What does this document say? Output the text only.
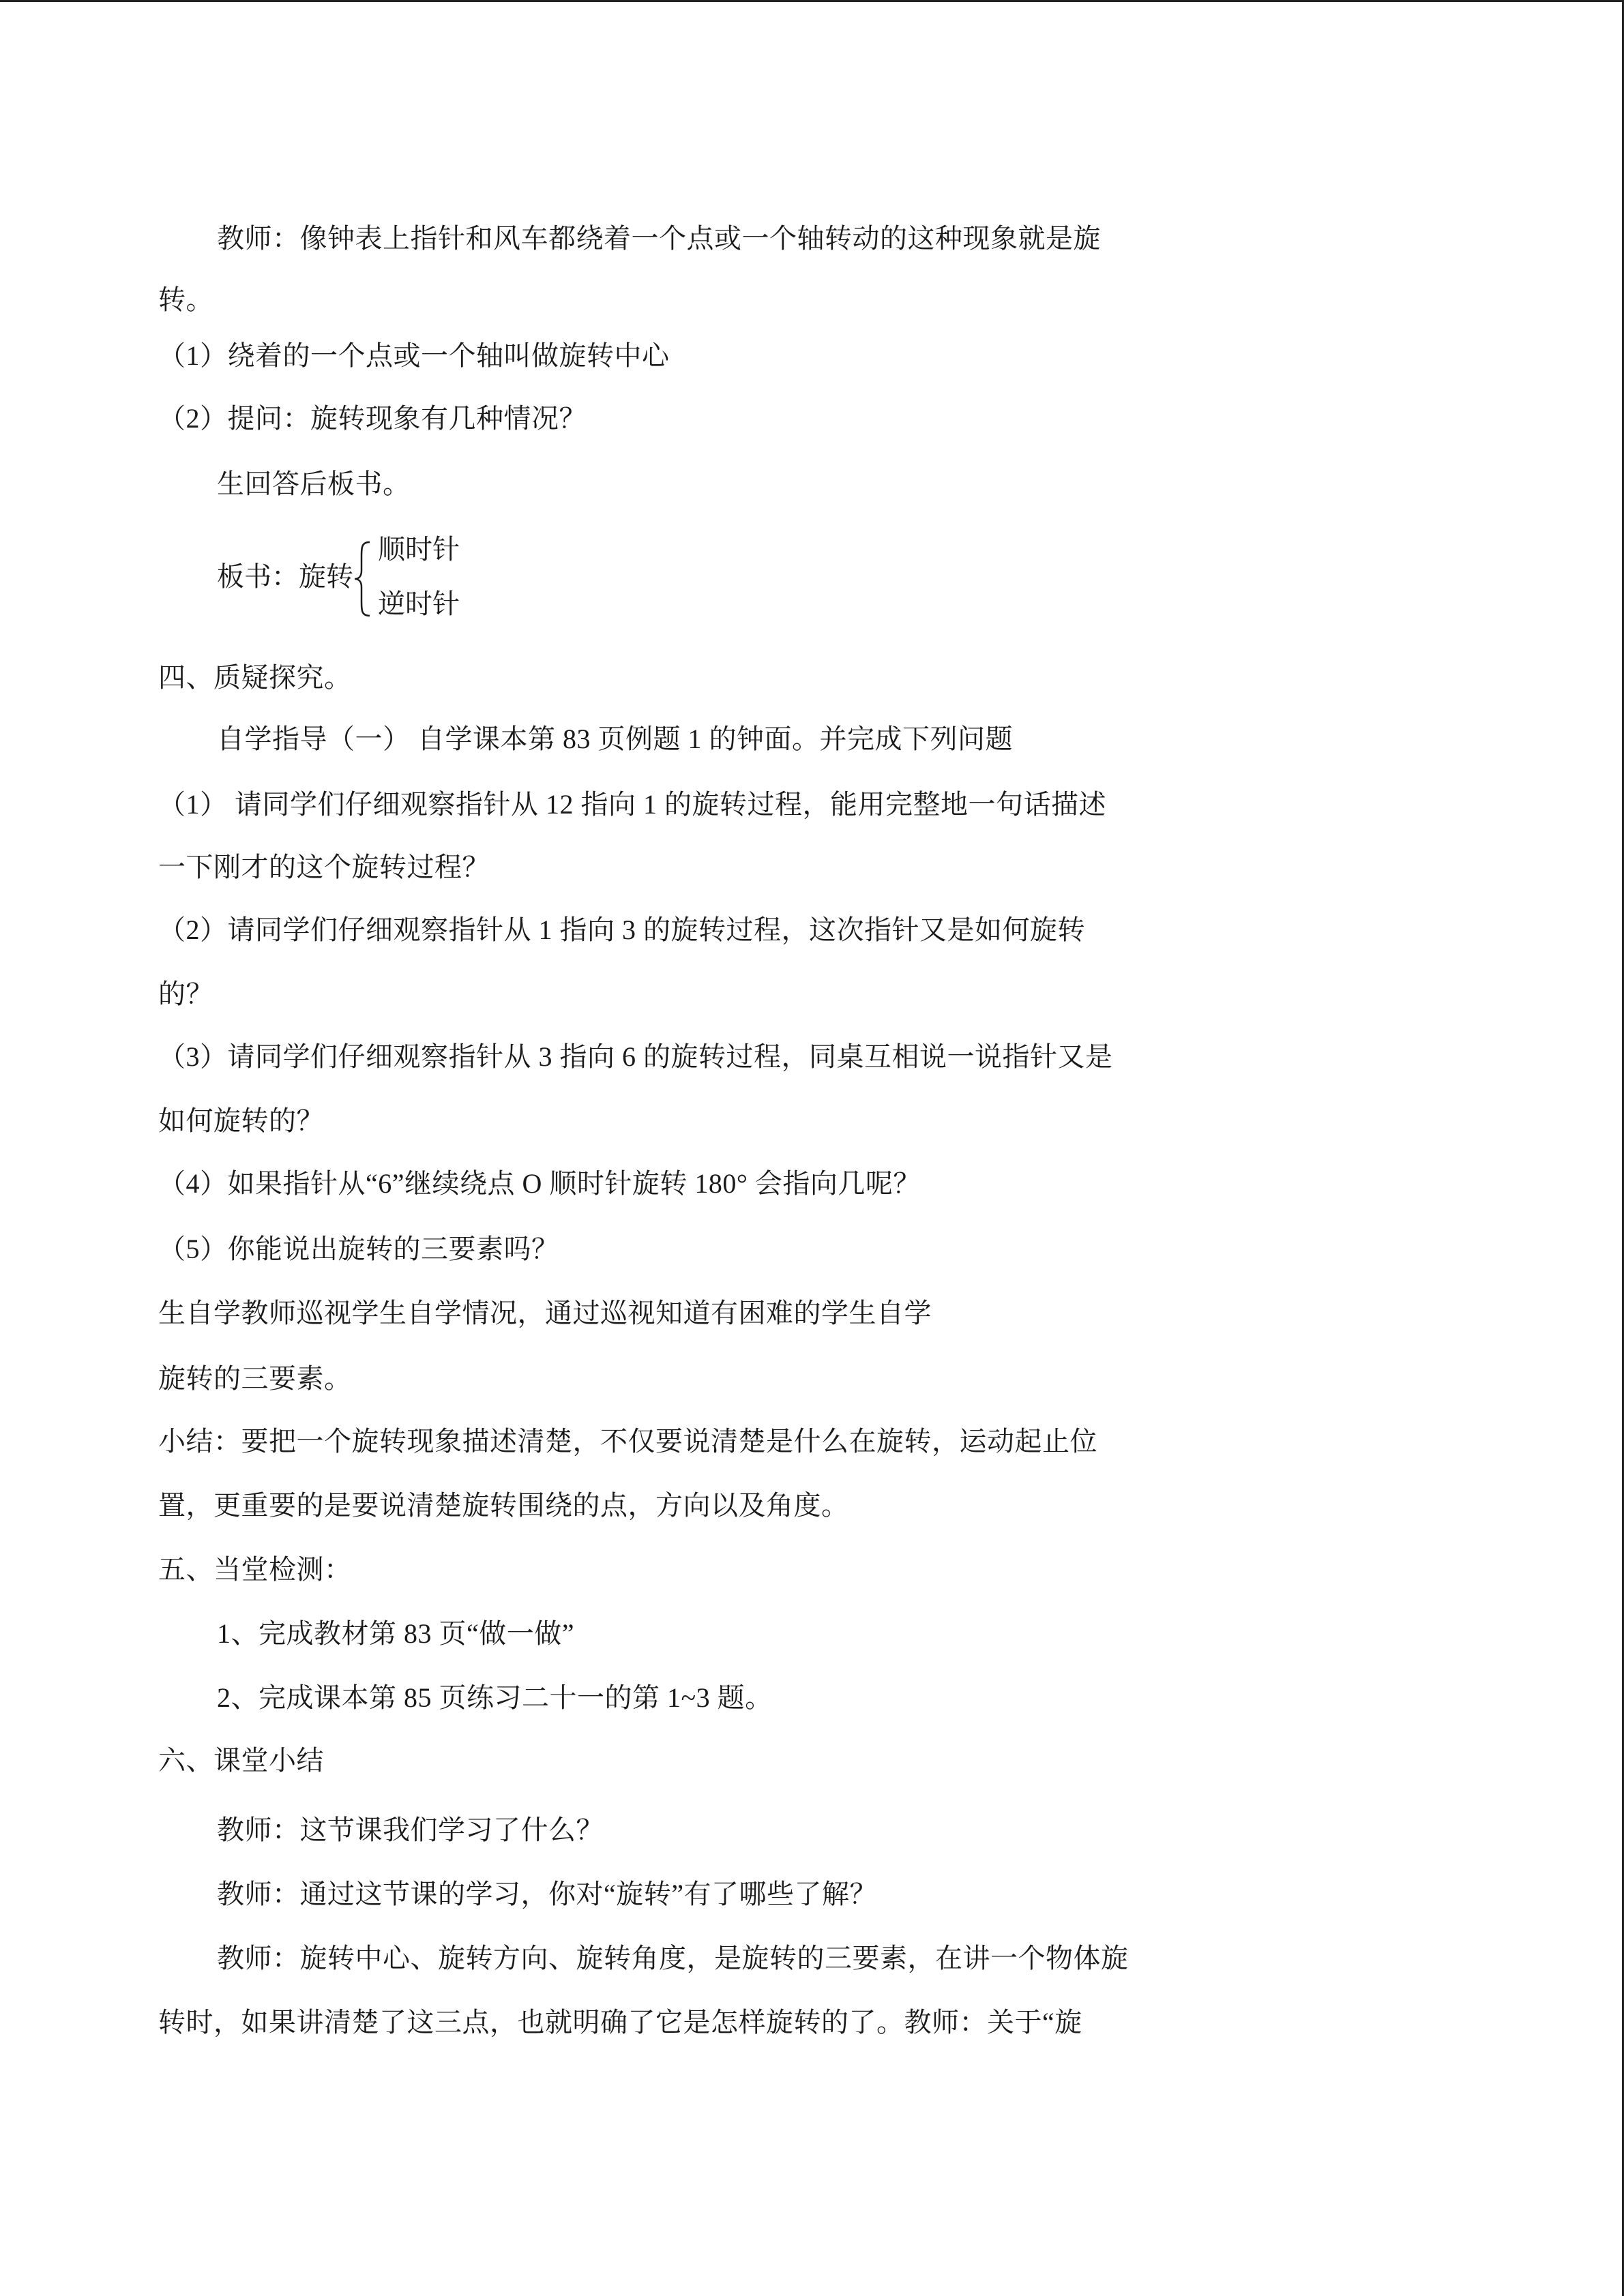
教师：像钟表上指针和风车都绕着一个点或一个轴转动的这种现象就是旋
转。
（1）绕着的一个点或一个轴叫做旋转中心
（2）提问：旋转现象有几种情况？
生回答后板书。
板书：旋转
顺时针
逆时针
四、质疑探究。
自学指导（一） 自学课本第 83 页例题 1 的钟面。并完成下列问题
（1） 请同学们仔细观察指针从 12 指向 1 的旋转过程，能用完整地一句话描述
一下刚才的这个旋转过程？
（2）请同学们仔细观察指针从 1 指向 3 的旋转过程，这次指针又是如何旋转
的？
（3）请同学们仔细观察指针从 3 指向 6 的旋转过程，同桌互相说一说指针又是
如何旋转的？
（4）如果指针从“6”继续绕点 O 顺时针旋转 180° 会指向几呢？
（5）你能说出旋转的三要素吗？
生自学教师巡视学生自学情况，通过巡视知道有困难的学生自学
旋转的三要素。
小结：要把一个旋转现象描述清楚，不仅要说清楚是什么在旋转，运动起止位
置，更重要的是要说清楚旋转围绕的点，方向以及角度。
五、当堂检测：
1、完成教材第 83 页“做一做”
2、完成课本第 85 页练习二十一的第 1~3 题。
六、课堂小结
教师：这节课我们学习了什么？
教师：通过这节课的学习，你对“旋转”有了哪些了解？
教师：旋转中心、旋转方向、旋转角度，是旋转的三要素，在讲一个物体旋
转时，如果讲清楚了这三点，也就明确了它是怎样旋转的了。教师：关于“旋
